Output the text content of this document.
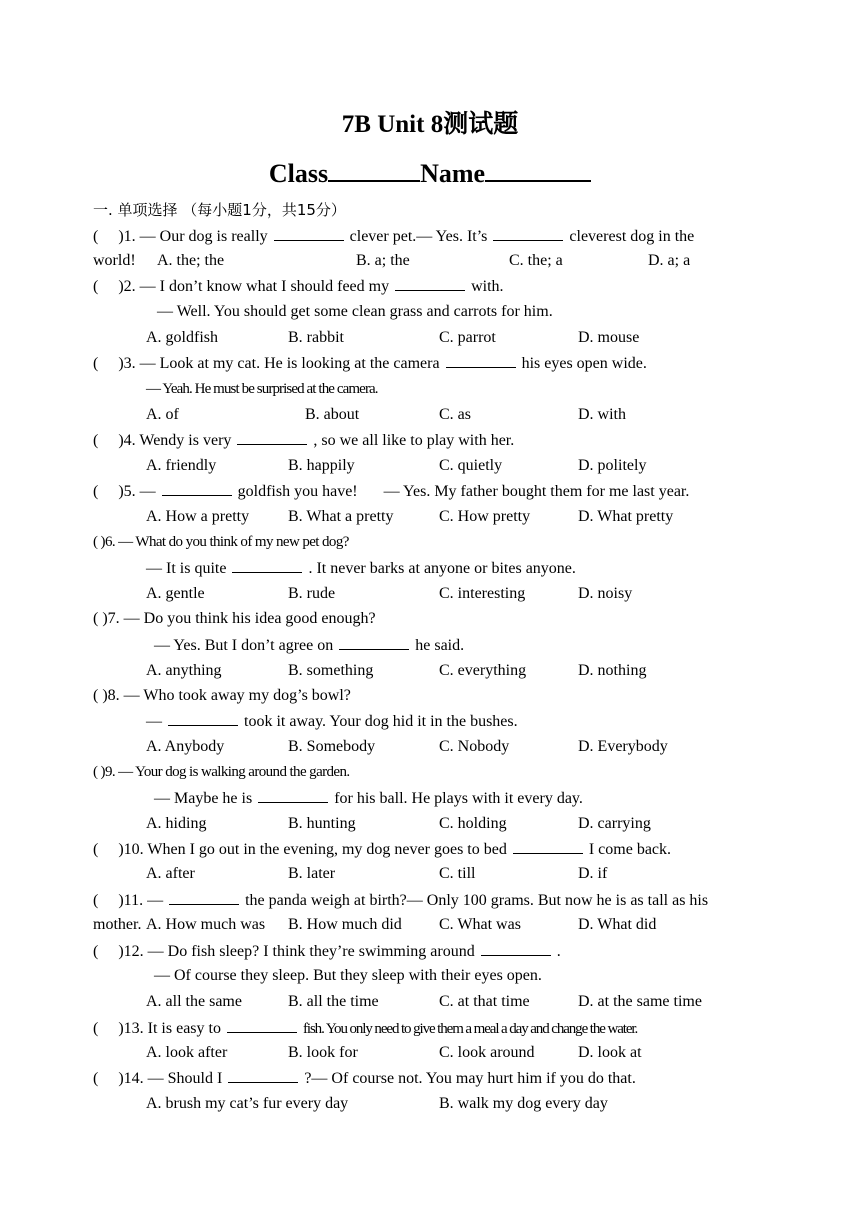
7B Unit 8测试题
Class	Name
一. 单项选择 （每小题1分，共15分）
(     )1. — Our dog is really	clever pet.— Yes. It’s	cleverest dog in the
world! A. the; the	B. a; the	C. the; a	D. a; a
(     )2. — I don’t know what I should feed my	with.
— Well. You should get some clean grass and carrots for him.
A. goldfish	B. rabbit	C. parrot	D. mouse
(     )3. — Look at my cat. He is looking at the camera	his eyes open wide.
— Yeah. He must be surprised at the camera.
A. of	B. about	C. as	D. with
(     )4. Wendy is very	, so we all like to play with her.
A. friendly	B. happily	C. quietly	D. politely
(     )5. —	goldfish you have! — Yes. My father bought them for me last year.
A. How a pretty B. What a pretty	C. How pretty	D. What pretty
( )6. — What do you think of my new pet dog?
— It is quite	. It never barks at anyone or bites anyone.
A. gentle	B. rude	C. interesting	D. noisy
( )7. — Do you think his idea good enough?
— Yes. But I don’t agree on	he said.
A. anything	B. something	C. everything	D. nothing
( )8. — Who took away my dog’s bowl?
—	took it away. Your dog hid it in the bushes.
A. Anybody	B. Somebody	C. Nobody	D. Everybody
( )9. — Your dog is walking around the garden.
— Maybe he is	for his ball. He plays with it every day.
A. hiding	B. hunting	C. holding	D. carrying
(     )10. When I go out in the evening, my dog never goes to bed	I come back.
A. after	B. later	C. till	D. if
(     )11. —	the panda weigh at birth?— Only 100 grams. But now he is as tall as his
mother. A. How much was B. How much did C. What was	D. What did
(     )12. — Do fish sleep? I think they’re swimming around	.
— Of course they sleep. But they sleep with their eyes open.
A. all the same	B. all the time	C. at that time	D. at the same time
(     )13. It is easy to	fish. You only need to give them a meal a day and change the water.
A. look after	B. look for	C. look around	D. look at
(     )14. — Should I	?— Of course not. You may hurt him if you do that.
A. brush my cat’s fur every day	B. walk my dog every day
